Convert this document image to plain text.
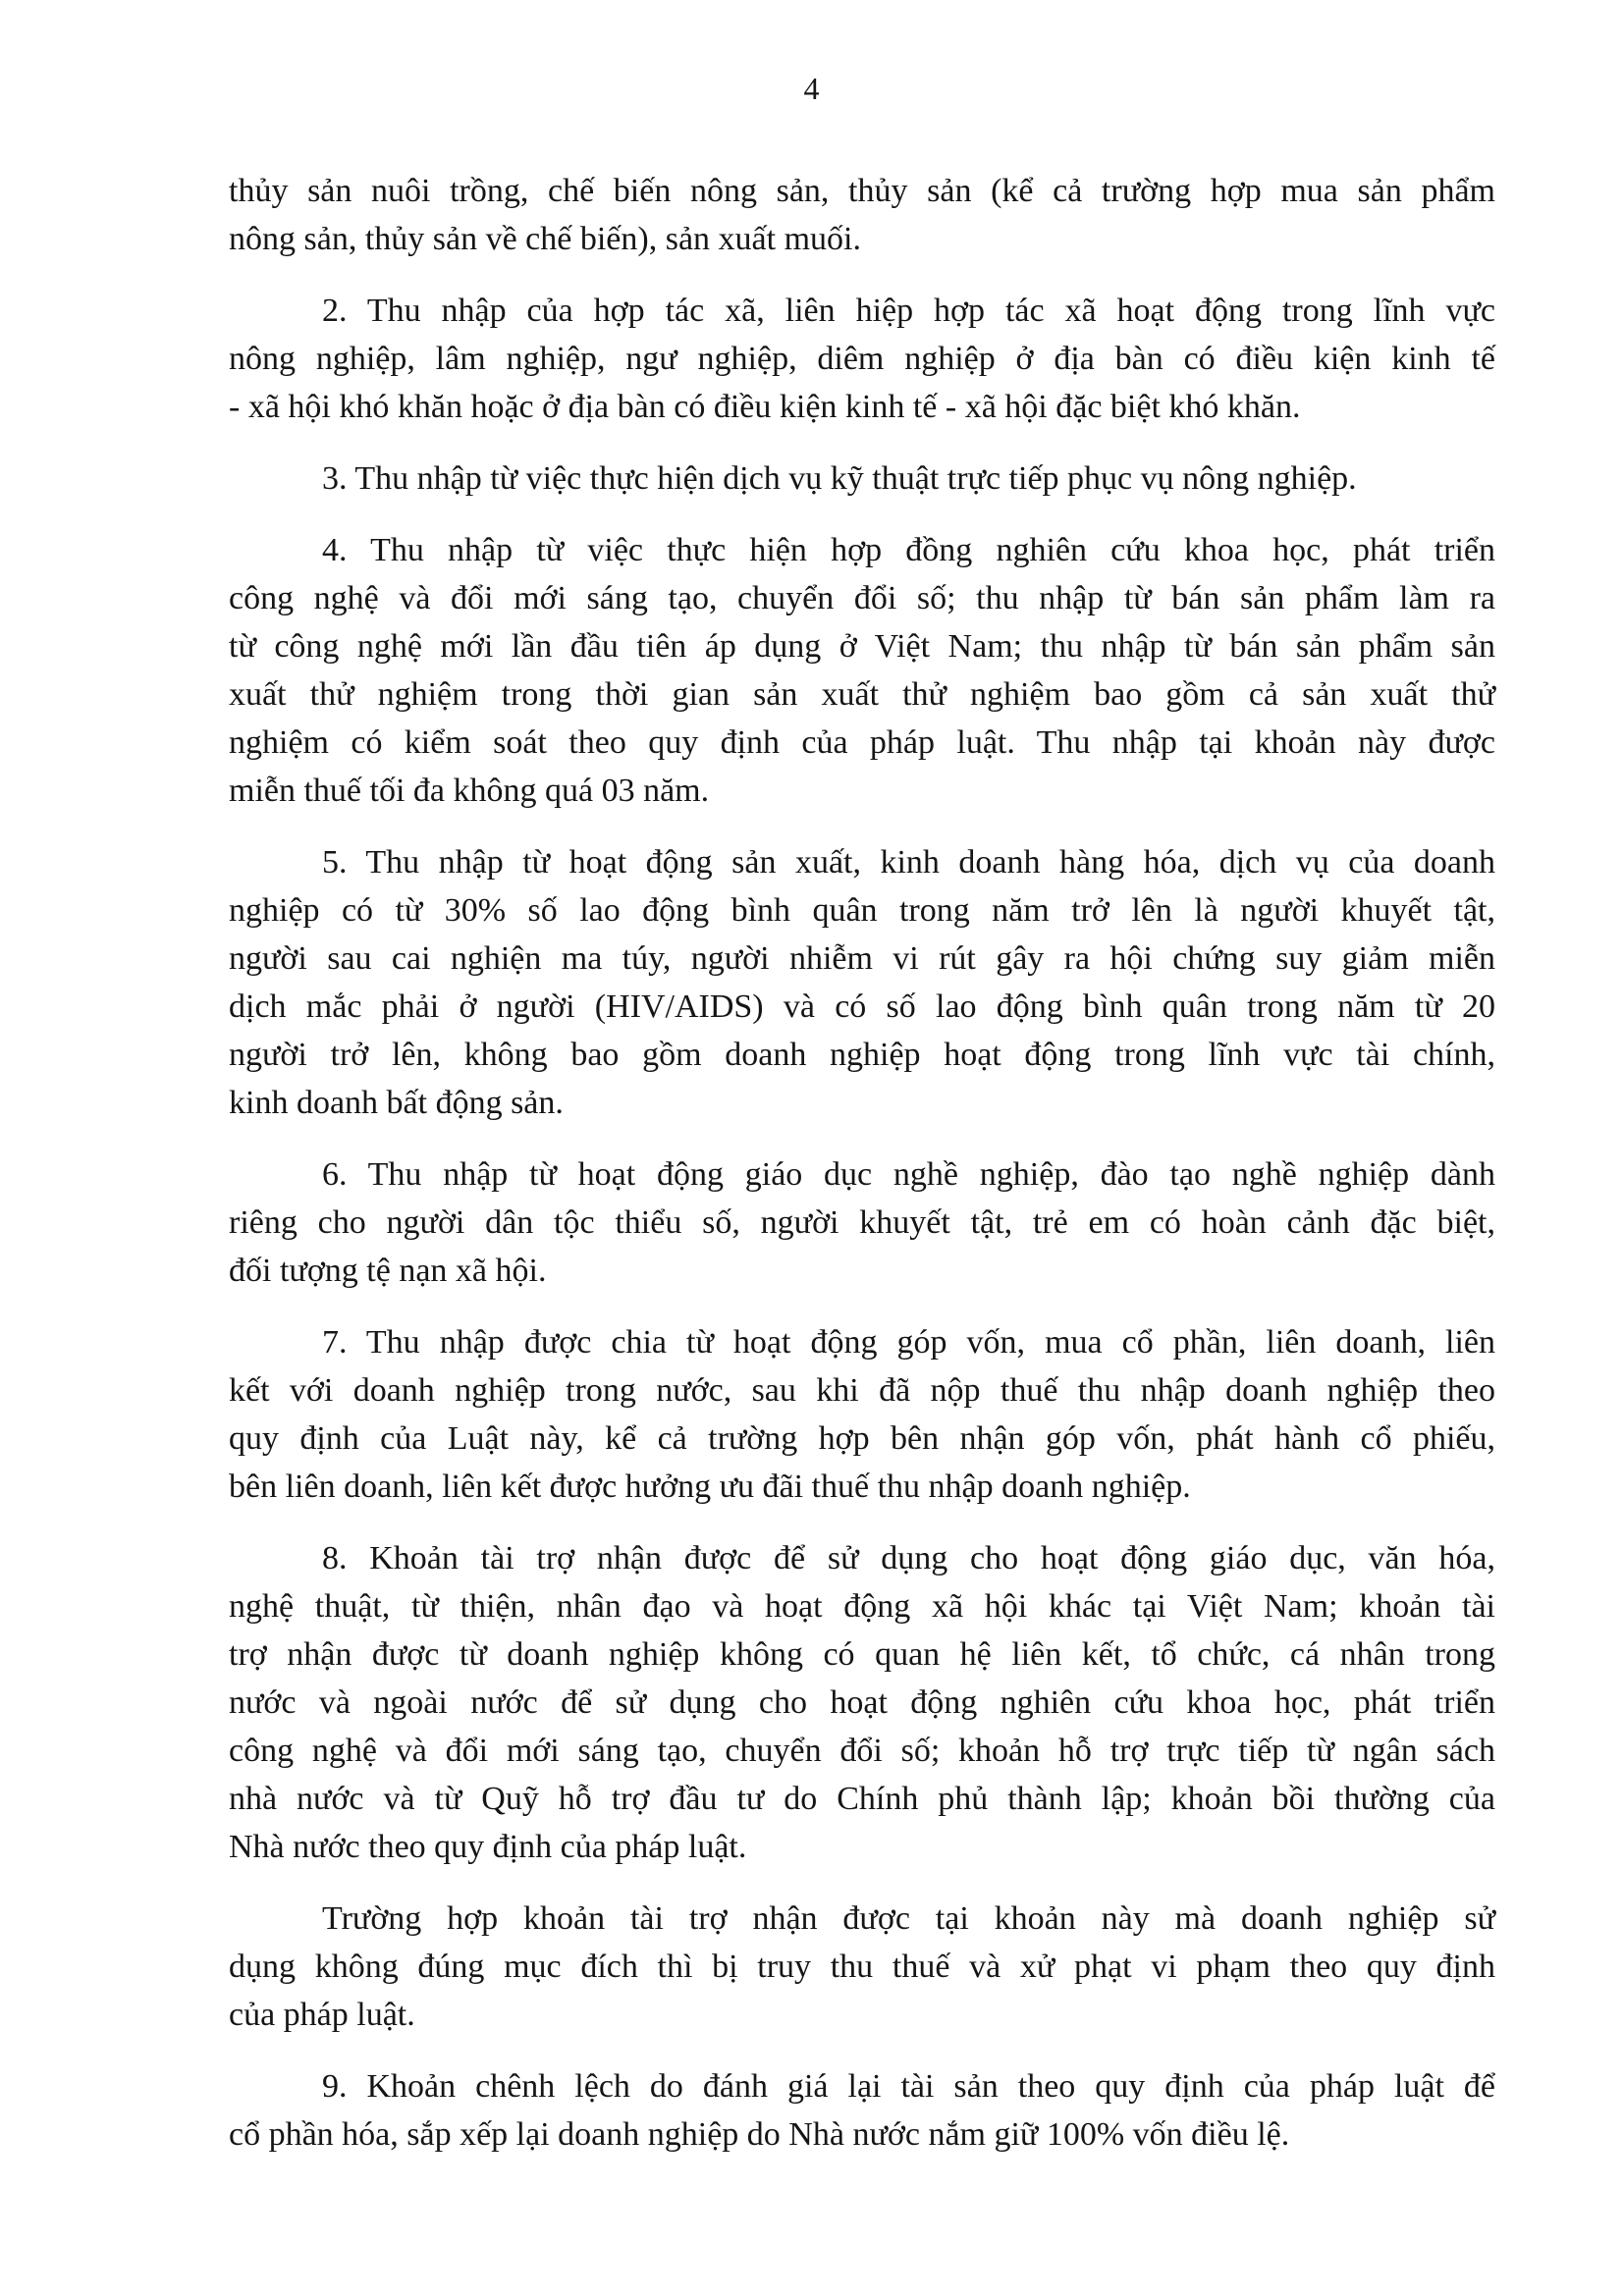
4

thủy sản nuôi trồng, chế biến nông sản, thủy sản (kể cả trường hợp mua sản phẩm
nông sản, thủy sản về chế biến), sản xuất muối.

2. Thu nhập của hợp tác xã, liên hiệp hợp tác xã hoạt động trong lĩnh vực
nông nghiệp, lâm nghiệp, ngư nghiệp, diêm nghiệp ở địa bàn có điều kiện kinh tế
- xã hội khó khăn hoặc ở địa bàn có điều kiện kinh tế - xã hội đặc biệt khó khăn.

3. Thu nhập từ việc thực hiện dịch vụ kỹ thuật trực tiếp phục vụ nông nghiệp.

4. Thu nhập từ việc thực hiện hợp đồng nghiên cứu khoa học, phát triển
công nghệ và đổi mới sáng tạo, chuyển đổi số; thu nhập từ bán sản phẩm làm ra
từ công nghệ mới lần đầu tiên áp dụng ở Việt Nam; thu nhập từ bán sản phẩm sản
xuất thử nghiệm trong thời gian sản xuất thử nghiệm bao gồm cả sản xuất thử
nghiệm có kiểm soát theo quy định của pháp luật. Thu nhập tại khoản này được
miễn thuế tối đa không quá 03 năm.

5. Thu nhập từ hoạt động sản xuất, kinh doanh hàng hóa, dịch vụ của doanh
nghiệp có từ 30% số lao động bình quân trong năm trở lên là người khuyết tật,
người sau cai nghiện ma túy, người nhiễm vi rút gây ra hội chứng suy giảm miễn
dịch mắc phải ở người (HIV/AIDS) và có số lao động bình quân trong năm từ 20
người trở lên, không bao gồm doanh nghiệp hoạt động trong lĩnh vực tài chính,
kinh doanh bất động sản.

6. Thu nhập từ hoạt động giáo dục nghề nghiệp, đào tạo nghề nghiệp dành
riêng cho người dân tộc thiểu số, người khuyết tật, trẻ em có hoàn cảnh đặc biệt,
đối tượng tệ nạn xã hội.

7. Thu nhập được chia từ hoạt động góp vốn, mua cổ phần, liên doanh, liên
kết với doanh nghiệp trong nước, sau khi đã nộp thuế thu nhập doanh nghiệp theo
quy định của Luật này, kể cả trường hợp bên nhận góp vốn, phát hành cổ phiếu,
bên liên doanh, liên kết được hưởng ưu đãi thuế thu nhập doanh nghiệp.

8. Khoản tài trợ nhận được để sử dụng cho hoạt động giáo dục, văn hóa,
nghệ thuật, từ thiện, nhân đạo và hoạt động xã hội khác tại Việt Nam; khoản tài
trợ nhận được từ doanh nghiệp không có quan hệ liên kết, tổ chức, cá nhân trong
nước và ngoài nước để sử dụng cho hoạt động nghiên cứu khoa học, phát triển
công nghệ và đổi mới sáng tạo, chuyển đổi số; khoản hỗ trợ trực tiếp từ ngân sách
nhà nước và từ Quỹ hỗ trợ đầu tư do Chính phủ thành lập; khoản bồi thường của
Nhà nước theo quy định của pháp luật.

Trường hợp khoản tài trợ nhận được tại khoản này mà doanh nghiệp sử
dụng không đúng mục đích thì bị truy thu thuế và xử phạt vi phạm theo quy định
của pháp luật.

9. Khoản chênh lệch do đánh giá lại tài sản theo quy định của pháp luật để
cổ phần hóa, sắp xếp lại doanh nghiệp do Nhà nước nắm giữ 100% vốn điều lệ.
